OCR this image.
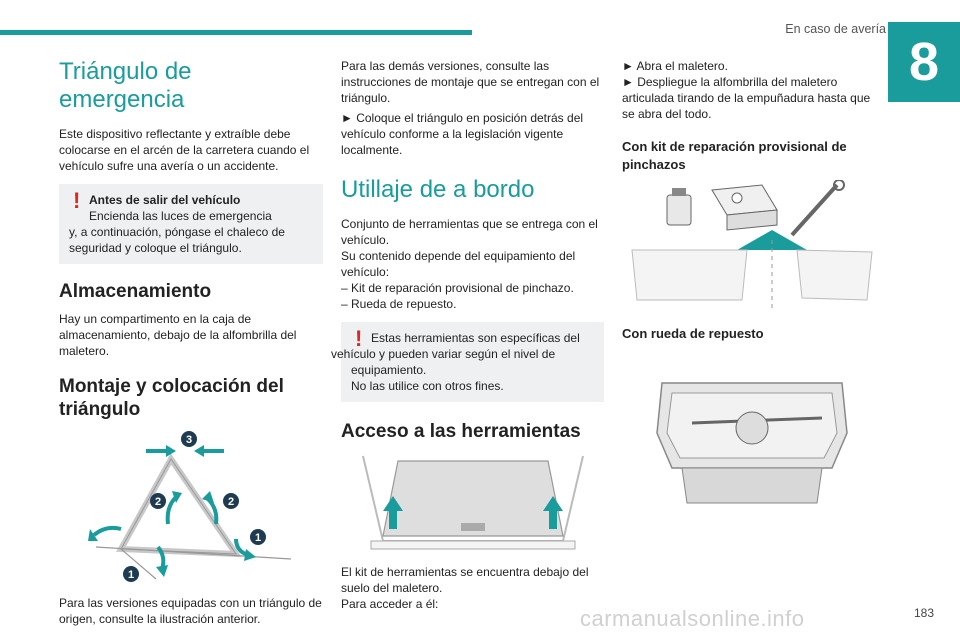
En caso de avería
8
Triángulo de emergencia

Este dispositivo reflectante y extraíble debe colocarse en el arcén de la carretera cuando el vehículo sufre una avería o un accidente.

! Antes de salir del vehículo

Encienda las luces de emergencia

y, a continuación, póngase el chaleco de seguridad y coloque el triángulo.

Almacenamiento

Hay un compartimento en la caja de almacenamiento, debajo de la alfombrilla del maletero.

Montaje y colocación del triángulo
3
2	2
1
1

Para las versiones equipadas con un triángulo de origen, consulte la ilustración anterior.

Para las demás versiones, consulte las instrucciones de montaje que se entregan con el triángulo.

► Coloque el triángulo en posición detrás del vehículo conforme a la legislación vigente localmente.

Utillaje de a bordo

Conjunto de herramientas que se entrega con el vehículo.

Su contenido depende del equipamiento del vehículo:

– Kit de reparación provisional de pinchazo.

– Rueda de repuesto.

! Estas herramientas son específicas del

vehículo y pueden variar según el nivel de equipamiento.

No las utilice con otros fines.

Acceso a las herramientas

El kit de herramientas se encuentra debajo del suelo del maletero.

Para acceder a él:

► Abra el maletero.

► Despliegue la alfombrilla del maletero articulada tirando de la empuñadura hasta que se abra del todo.

Con kit de reparación provisional de pinchazos
Con rueda de repuesto
183
carmanualsonline.info
